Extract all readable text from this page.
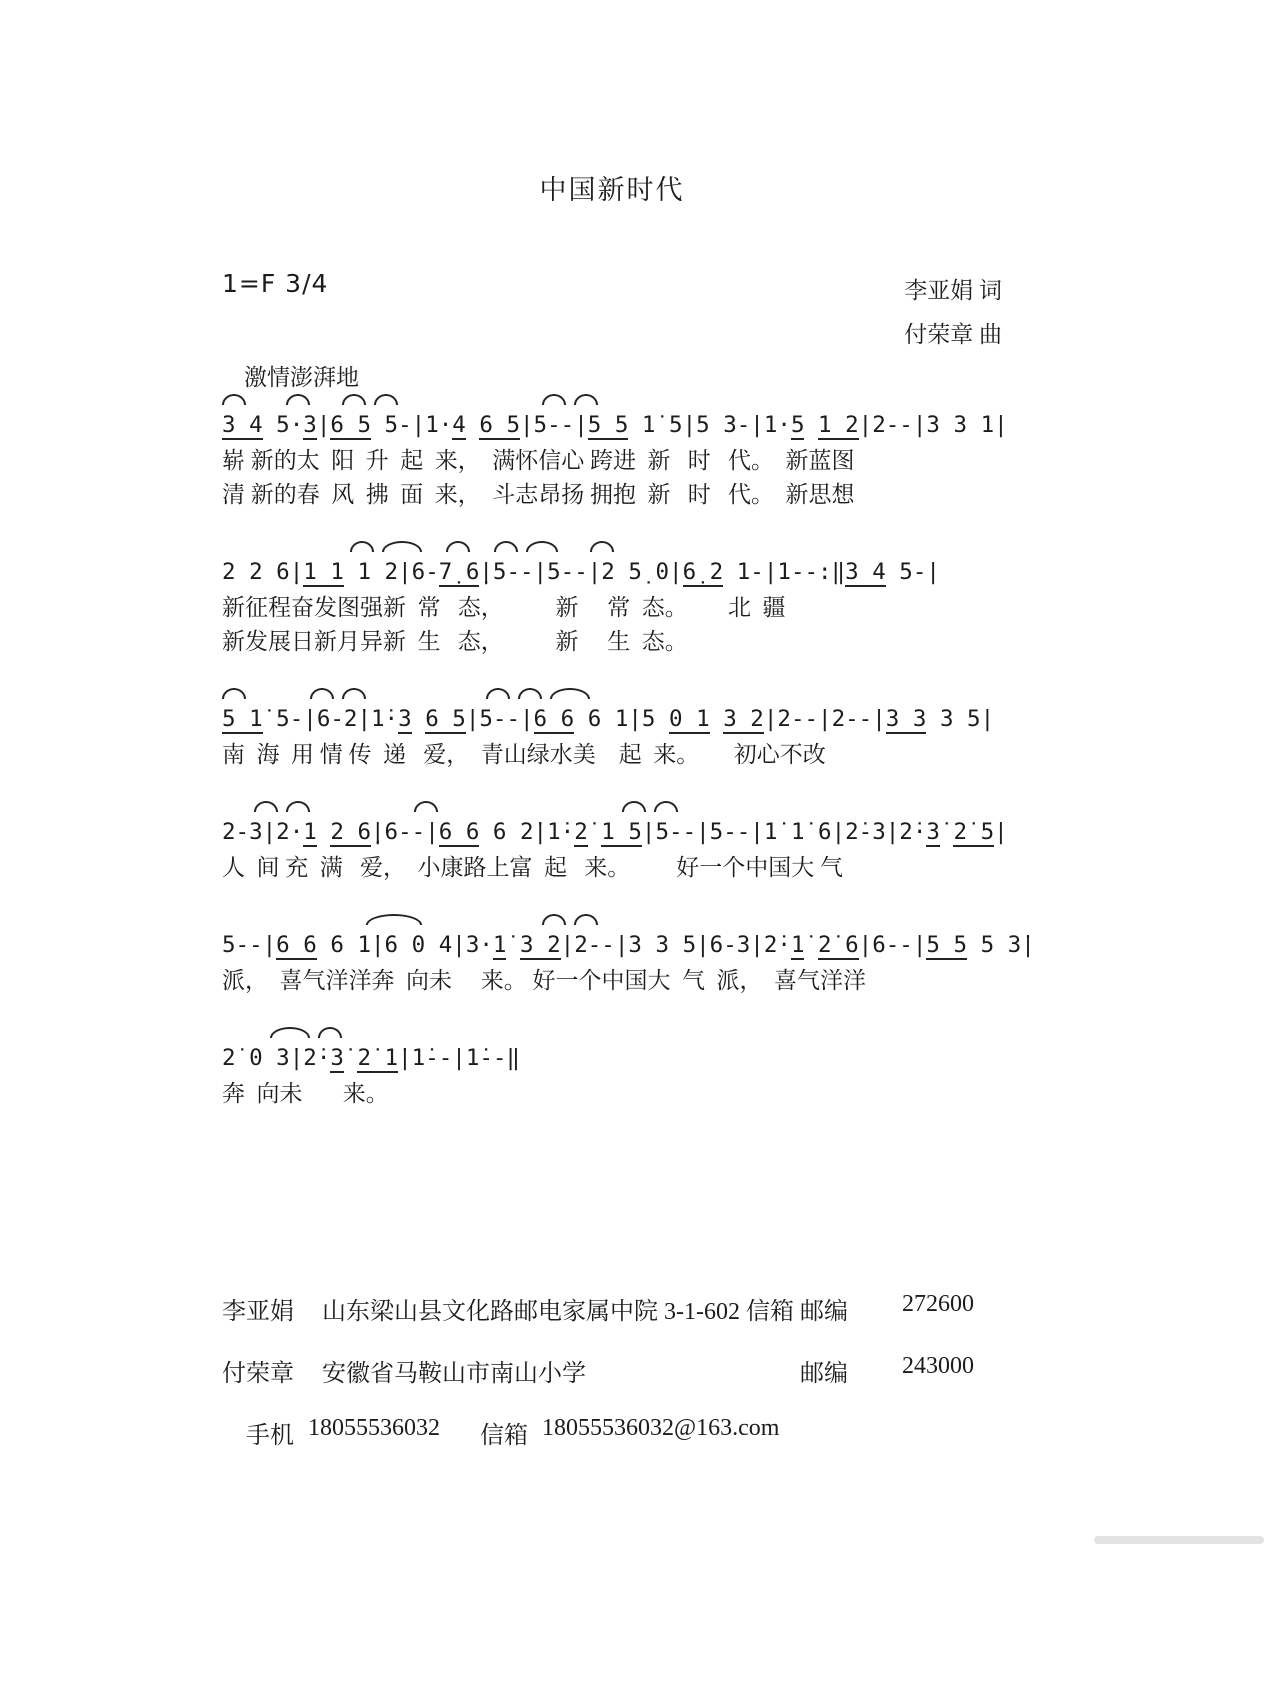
中国新时代
1=F 3/4	李亚娟 词
付荣章 曲
激情澎湃地
3 4 5·3|6 5 5-|1·4 6 5|5--|5 5 1̇ 5|5 3-|1·5 1 2|2--|3 3 1|
崭 新的太  阳  升  起  来，  满怀信心 跨进  新   时   代。  新蓝图
清 新的春  风  拂  面  来，  斗志昂扬 拥抱  新   时   代。  新思想
2 2 6̣|1 1 1 2|6-7̣ 6̣|5--|5--|2 5̣ 0|6̣ 2 1-|1--:‖3 4 5-|
新征程奋发图强新  常   态，         新     常  态。       北  疆
新发展日新月异新  生   态，         新     生  态。
5 1̇ 5-|6-2̇|1̇·3 6 5|5--|6 6 6 1̇|5 0 1 3 2|2--|2--|3 3 3 5|
南  海  用 情 传  递   爱，  青山绿水美    起  来。      初心不改
2-3|2·1 2 6̣|6--|6 6 6 2̇|1̇·2̇ 1 5|5--|5--|1̇ 1̇ 6|2̇-3̇|2̇·3̇ 2̇ 5|
人  间 充  满   爱，  小康路上富  起   来。        好一个中国大 气
5--|6 6 6 1̇|6 0 4|3·1̇ 3 2|2--|3 3 5|6-3|2̇·1̇ 2̇ 6|6--|5 5 5 3̇|
派，  喜气洋洋奔  向未     来。 好一个中国大  气  派，  喜气洋洋
2̇ 0 3̇|2̇·3̇ 2̇ 1̇|1̇--|1̇--‖
奔  向未       来。
李亚娟	山东梁山县文化路邮电家属中院 3-1-602 信箱 邮编	272600
付荣章	安徽省马鞍山市南山小学	邮编	243000
手机 18055536032 信箱 18055536032@163.com
